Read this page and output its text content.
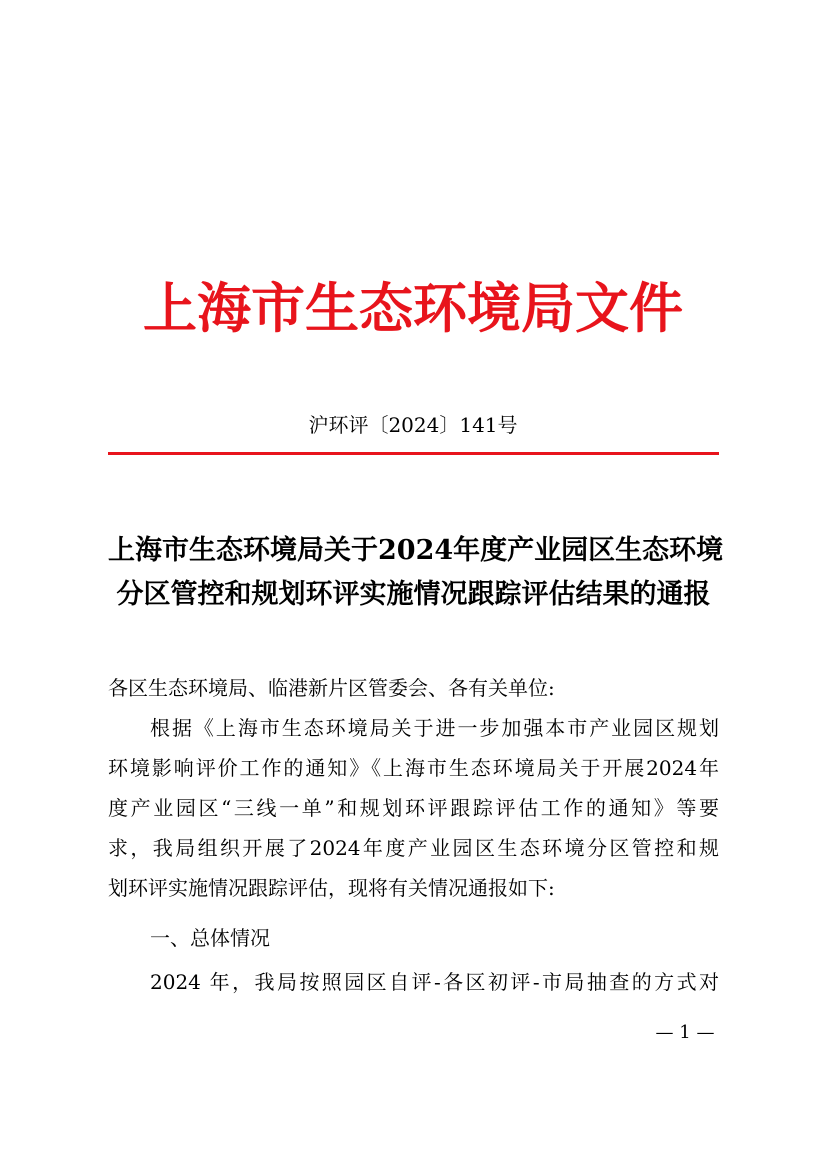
上海市生态环境局文件
沪环评〔2024〕141号
上海市生态环境局关于2024年度产业园区生态环境
分区管控和规划环评实施情况跟踪评估结果的通报
各区生态环境局、临港新片区管委会、各有关单位:
根据《上海市生态环境局关于进一步加强本市产业园区规划
环境影响评价工作的通知》《上海市生态环境局关于开展2024年
度产业园区“三线一单”和规划环评跟踪评估工作的通知》等要
求，我局组织开展了2024年度产业园区生态环境分区管控和规
划环评实施情况跟踪评估，现将有关情况通报如下:
一、总体情况
2024 年，我局按照园区自评-各区初评-市局抽查的方式对
— 1 —
